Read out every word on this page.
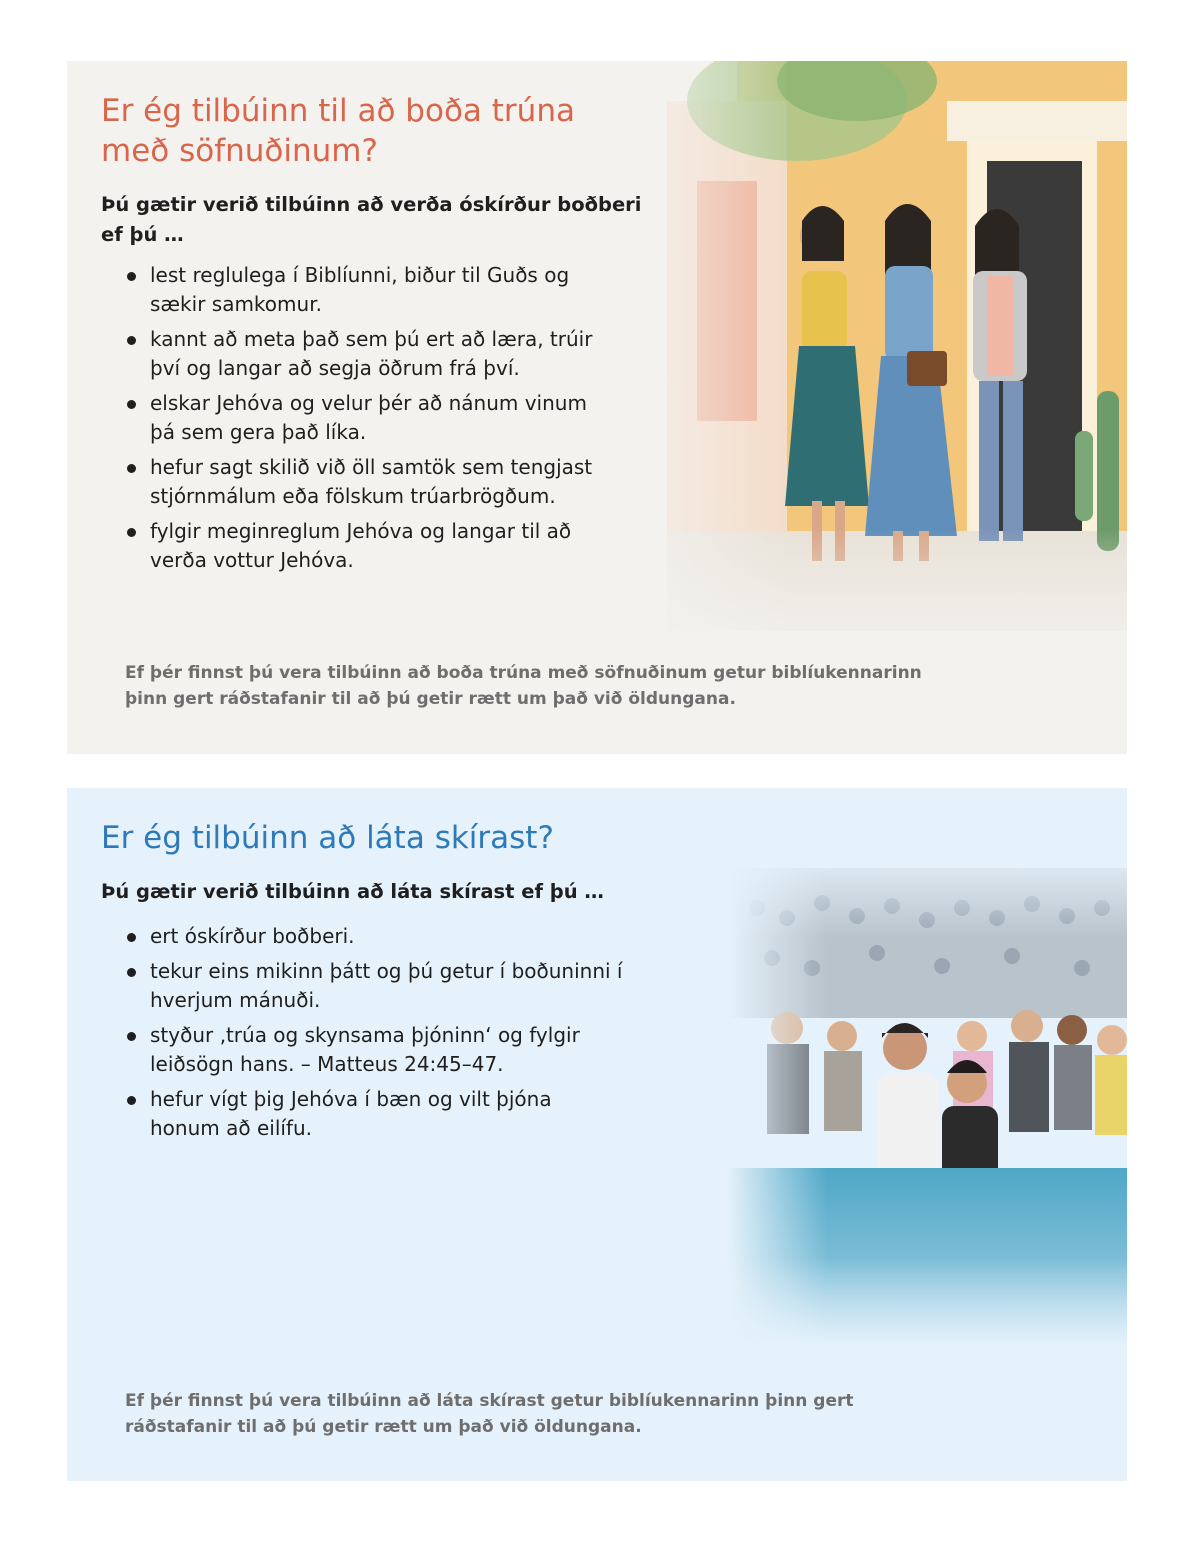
Er ég tilbúinn til að boða trúna með söfnuðinum?

Þú gætir verið tilbúinn að verða óskírður boðberi ef þú …

lest reglulega í Biblíunni, biður til Guðs og sækir samkomur.
kannt að meta það sem þú ert að læra, trúir því og langar að segja öðrum frá því.
elskar Jehóva og velur þér að nánum vinum þá sem gera það líka.
hefur sagt skilið við öll samtök sem tengjast stjórnmálum eða fölskum trúarbrögðum.
fylgir meginreglum Jehóva og langar til að verða vottur Jehóva.

Ef þér finnst þú vera tilbúinn að boða trúna með söfnuðinum getur biblíukennarinn þinn gert ráðstafanir til að þú getir rætt um það við öldungana.

Er ég tilbúinn að láta skírast?

Þú gætir verið tilbúinn að láta skírast ef þú …

ert óskírður boðberi.
tekur eins mikinn þátt og þú getur í boðuninni í hverjum mánuði.
styður ‚trúa og skynsama þjóninn‘ og fylgir leiðsögn hans. – Matteus 24:45–47.
hefur vígt þig Jehóva í bæn og vilt þjóna honum að eilífu.

Ef þér finnst þú vera tilbúinn að láta skírast getur biblíukennarinn þinn gert ráðstafanir til að þú getir rætt um það við öldungana.
